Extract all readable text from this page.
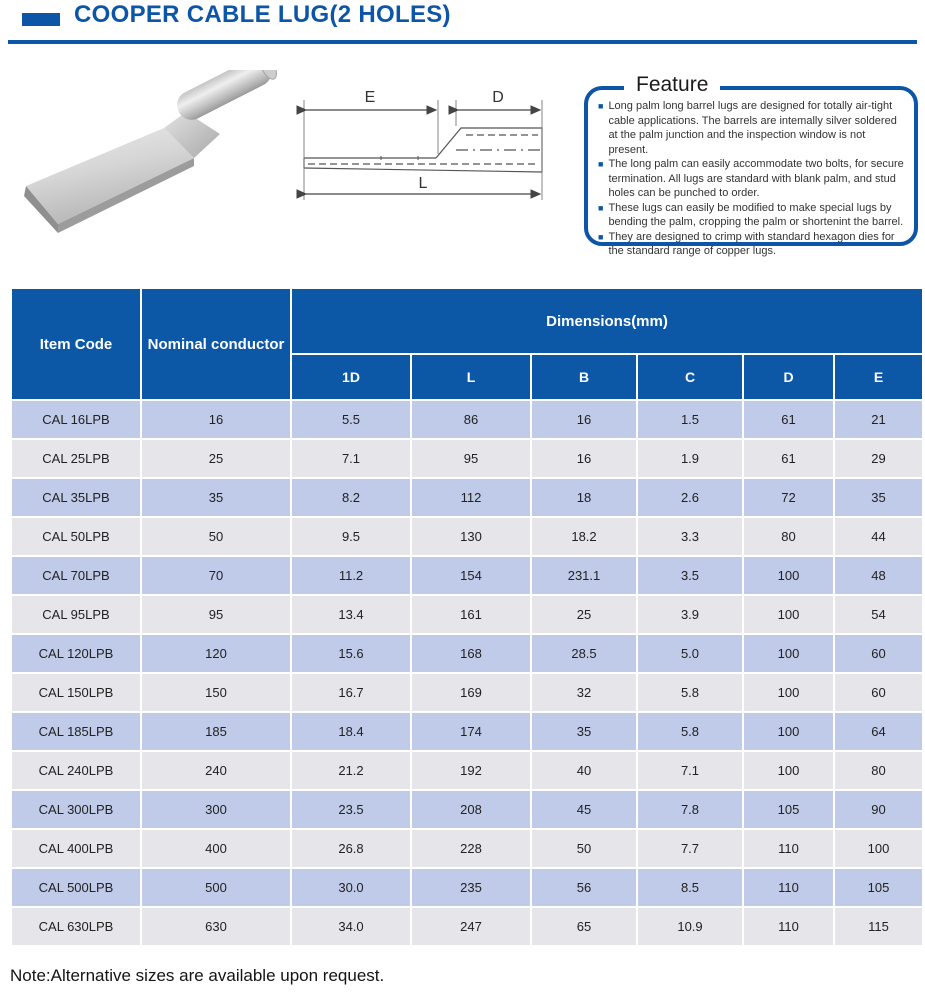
COOPER CABLE LUG(2 HOLES)
E	D
L
Feature
■ Long palm long barrel lugs are designed for totally air-tight cable applications. The barrels are intemally silver soldered at the palm junction and the inspection window is not present.
■ The long palm can easily accommodate two bolts, for secure termination. All lugs are standard with blank palm, and stud holes can be punched to order.
■ These lugs can easily be modified to make special lugs by bending the palm, cropping the palm or shortenint the barrel.
■ They are designed to crimp with standard hexagon dies for the standard range of copper lugs.
Item Code	Nominal conductor	Dimensions(mm)					
		1D	L	B	C	D	E
CAL 16LPB	16	5.5	86	16	1.5	61	21
CAL 25LPB	25	7.1	95	16	1.9	61	29
CAL 35LPB	35	8.2	112	18	2.6	72	35
CAL 50LPB	50	9.5	130	18.2	3.3	80	44
CAL 70LPB	70	11.2	154	231.1	3.5	100	48
CAL 95LPB	95	13.4	161	25	3.9	100	54
CAL 120LPB	120	15.6	168	28.5	5.0	100	60
CAL 150LPB	150	16.7	169	32	5.8	100	60
CAL 185LPB	185	18.4	174	35	5.8	100	64
CAL 240LPB	240	21.2	192	40	7.1	100	80
CAL 300LPB	300	23.5	208	45	7.8	105	90
CAL 400LPB	400	26.8	228	50	7.7	110	100
CAL 500LPB	500	30.0	235	56	8.5	110	105
CAL 630LPB	630	34.0	247	65	10.9	110	115
Note:Alternative sizes are available upon request.
